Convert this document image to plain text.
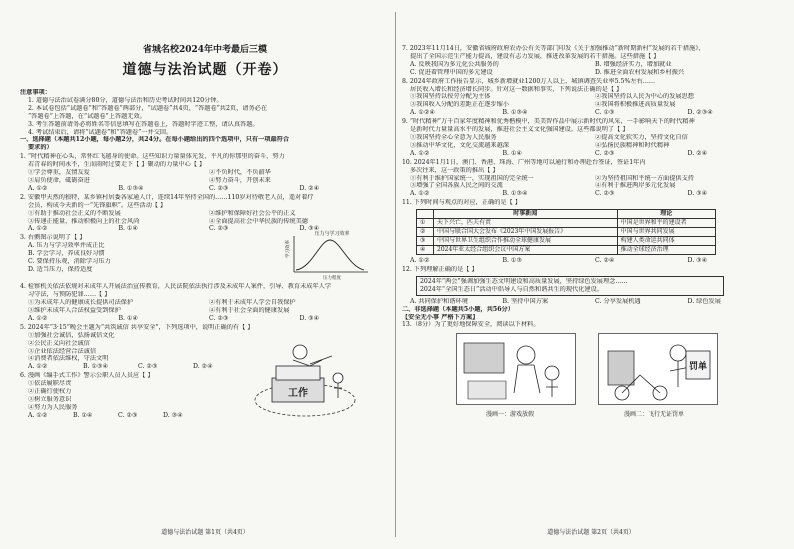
省城名校2024年中考最后三模
道德与法治试题（开卷）
注意事项：
1. 道德与法治试卷满分80分，道德与法治和历史考试时间共120分钟。
2. 本试卷包括“试题卷”和“答题卷”两部分，“试题卷”共4页，“答题卷”共2页，请务必在
“答题卷”上答题，在“试题卷”上答题无效。
3. 考生答题前请务必将姓名等信息填写在答题卷上，答题时字迹工整，请认真答题。
4. 考试结束后，请将“试题卷”和“答题卷”一并交回。
一、选择题（本题共12小题，每小题2分，共24分。在每小题给出的四个选项中，只有一项最符合
要求的）
1. “时代精神在心头，常怀红飞越身的使命。这些知识力量量体光发，平凡的你那里的奋斗，努力
若青春的时间永不，生而雨时过要走下【 】聚动的力量中心【 】
①学会尊重，友情友爱	②不负时代，不负韶华
③肩负使命，砥砺奋进	④努力奋斗，开创未来
A. ①②	B. ①③④	C. ②③	D. ②④
2. 安徽甲天然的独特，某乡镇村居委各家通人计，连续14年坚持全国的……110岁对待敬老人员，遥对着疗
会员，构成今天新的一“先锋旗帜”。这些活动【 】
①有助于推动社会正义的不断发展	②维护和保障好社会公平的正义
③传递正能量，推动积极向上的社会风尚	④全面提高社会中华民族的传统美德
A. ①②	B. ①④	C. ②③	D. ③④
3. 右侧图示说明了【 】
A. 压力与学习效率并成正比
B. 学会学习，养成良好习惯
C. 要保持乐观，消除学习压力
D. 适当压力，保持适度
压力与学习效率
学习效率
压力程度
4. 检察机关依法依规对未成年人开展法治宣传教育，人民法院依法执行涉及未成年人案件，引导、教育未成年人学
习守法，与预防犯罪……【 】
①为未成年人的健康成长提供司法保护	②有利于未成年人学会自我保护
③维护未成年人合法权益受到保护	④有利于社会全面的健康发展
A. ①②	B. ①④	C. ②③	D. ③④
5. 2024年“3·15”晚会主题为“共筑诚信 共享安全”，下列选项中，说明正确的有【 】
①加强社会诚信，弘扬诚信文化
②公民正义向社会诚信
③企业依法经营合法诚信
④消费者依法维权，守法文明
A. ①②	B. ①③④	C. ②③	D. ②④
6. 漫画《编手式工作》警示公职人员人员应【 】
①依法履职尽责
②正确行使权力
③树立服务意识
④努力为人民服务
A. ①②	B. ①④	C. ②③	D. ③④
工作
道德与法治试题 第1页（共4页）
7. 2023年11月14日，安徽省城府政府农办公有关等部门印发《关于加强推动“新时期新村”发展的若干措施》，
提出了全国示范生产能力提高，建设有志力发展，推进改革发展的若干措施。这些措施【 】
A. 反映我国为多元化公共服务的	B. 增强经济实力，增加就业
C. 促进着管理中国的多元建设	D. 推进全面农村发展和乡村振兴
8. 2024年政府工作报告显示，城乡新增就业1200万人以上，城镇调查失业率5.5%左右……
居民收入增长和经济增长同步。针对这一数据和事实，下列说法正确的是【 】
①我国坚持以按劳分配为主体	②我国坚持以人民为中心的发展思想
③我国收入分配的差距正在逐步缩小	④我国将积极推进高质量发展
A. ①②④	B. ①③④	C. ①③	D. ②③④
9. “时代精神”万千百家年度精神和优秀楷模中，美美智作品中展示新时代的风采，一手影响天下的时代精神
是新时代力量量高水平的发展，推进社会主义文化强国建设。这些都说明了【 】
①我国坚持全心全意为人民服务	②提高文化软实力，坚持文化自信
③推动中华文化，文化交流越来越深	④弘扬民族精神和时代精神
A. ①②	B. ①④	C. ②③	D. ②④
10. 2024年1月1日，澳门、香港、珠海、广州等地可以通行和办理赴台签证，签证1年内
多次往来，这一政策的推出【 】
①有利于维护国家统一，实现祖国的完全统一	②为坚持祖国和平统一方面提供支持
③增强了全国各族人民之间的交流	④有利于推进两岸多元化发展
A. ①②	B. ①③④	C. ②③	D. ③④
11. 下列时间与观点的对应，正确的是【 】
	时事新闻	理论
①	天下兴亡，匹夫有责	中国是世界和平的建设者
②	中国与联合国大会发布《2023年中国发展报告》	中国与世界共同发展
③	中国与世界卫生组织合作推动全球健康发展	构建人类命运共同体
④	2024年亚太经合组织会议中国方案	推动全球经济治理
A. ①②	B. ①③	C. ②④	D. ③④
12. 下列理解正确的是【 】
2024年“两会”强调加强生态文明建设和高质量发展，坚持绿色发展理念……
2024年“全国生态日”活动中倡导人与自然和谐共生的现代化建设。
A. 共同保护和谐环境	B. 坚持中国方案	C. 分享发展机遇	D. 绿色发展
二、非选择题（本题共5小题，共56分）
【安全无小事 严格下方案】
13.（8分）为了更好地保障安全，阅读以下材料。
罚单
漫画一：游戏放假	漫画二：飞行无证罚单
道德与法治试题 第2页（共4页）
